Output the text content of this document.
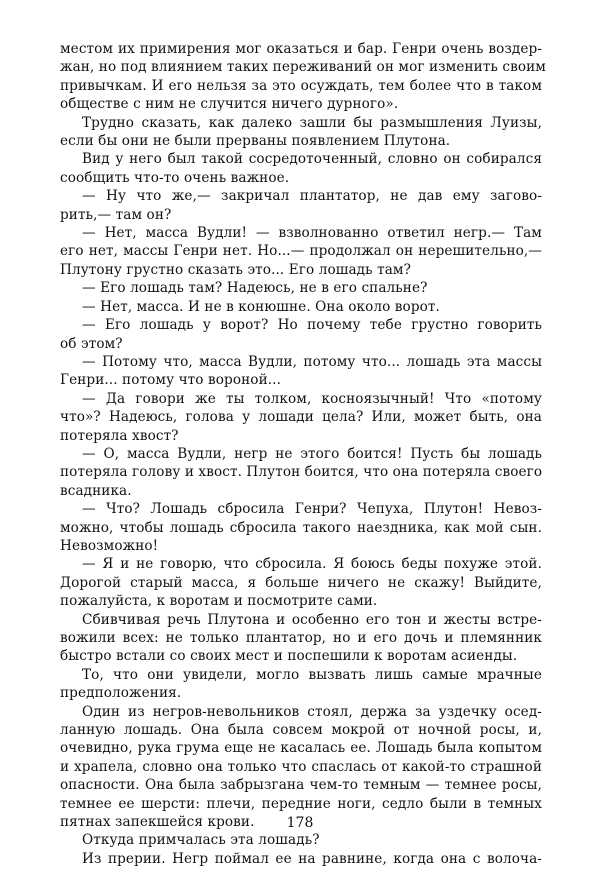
местом их примирения мог оказаться и бар. Генри очень воздер-
жан, но под влиянием таких переживаний он мог изменить своим
привычкам. И его нельзя за это осуждать, тем более что в таком
обществе с ним не случится ничего дурного».
Трудно сказать, как далеко зашли бы размышления Луизы,
если бы они не были прерваны появлением Плутона.
Вид у него был такой сосредоточенный, словно он собирался
сообщить что-то очень важное.
— Ну что же,— закричал плантатор, не дав ему загово-
рить,— там он?
— Нет, масса Вудли! — взволнованно ответил негр.— Там
его нет, массы Генри нет. Но...— продолжал он нерешительно,—
Плутону грустно сказать это... Его лошадь там?
— Его лошадь там? Надеюсь, не в его спальне?
— Нет, масса. И не в конюшне. Она около ворот.
— Его лошадь у ворот? Но почему тебе грустно говорить
об этом?
— Потому что, масса Вудли, потому что... лошадь эта массы
Генри... потому что вороной...
— Да говори же ты толком, косноязычный! Что «потому
что»? Надеюсь, голова у лошади цела? Или, может быть, она
потеряла хвост?
— О, масса Вудли, негр не этого боится! Пусть бы лошадь
потеряла голову и хвост. Плутон боится, что она потеряла своего
всадника.
— Что? Лошадь сбросила Генри? Чепуха, Плутон! Невоз-
можно, чтобы лошадь сбросила такого наездника, как мой сын.
Невозможно!
— Я и не говорю, что сбросила. Я боюсь беды похуже этой.
Дорогой старый масса, я больше ничего не скажу! Выйдите,
пожалуйста, к воротам и посмотрите сами.
Сбивчивая речь Плутона и особенно его тон и жесты встре-
вожили всех: не только плантатор, но и его дочь и племянник
быстро встали со своих мест и поспешили к воротам асиенды.
То, что они увидели, могло вызвать лишь самые мрачные
предположения.
Один из негров-невольников стоял, держа за уздечку осед-
ланную лошадь. Она была совсем мокрой от ночной росы, и,
очевидно, рука грума еще не касалась ее. Лошадь была копытом
и храпела, словно она только что спаслась от какой-то страшной
опасности. Она была забрызгана чем-то темным — темнее росы,
темнее ее шерсти: плечи, передние ноги, седло были в темных
пятнах запекшейся крови.
Откуда примчалась эта лошадь?
Из прерии. Негр поймал ее на равнине, когда она с волоча-
178
